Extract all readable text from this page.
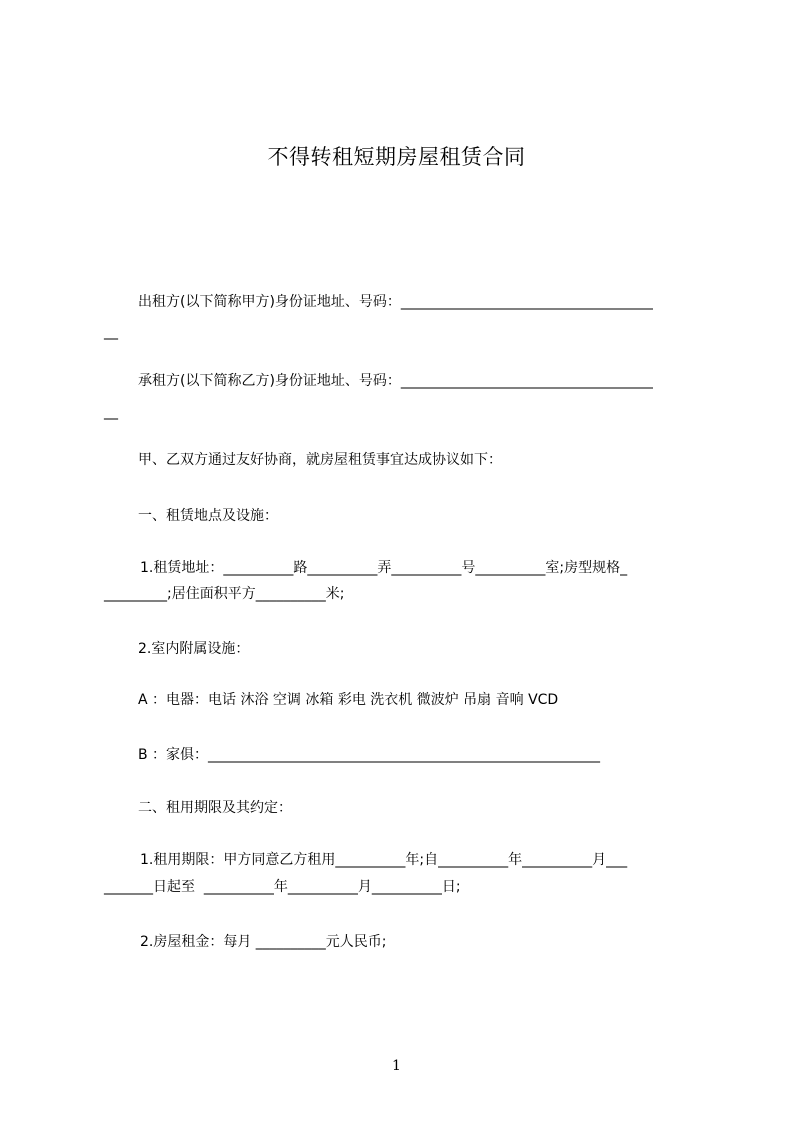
不得转租短期房屋租赁合同
出租方(以下简称甲方)身份证地址、号码：____________________________________
__
承租方(以下简称乙方)身份证地址、号码：____________________________________
__
甲、乙双方通过友好协商，就房屋租赁事宜达成协议如下：
一、租赁地点及设施：
1.租赁地址：__________路__________弄__________号__________室;房型规格_
_________;居住面积平方__________米;
2.室内附属设施：
A ：电器：电话 沐浴 空调 冰箱 彩电 洗衣机 微波炉 吊扇 音响 VCD
B ：家俱：________________________________________________________
二、租用期限及其约定：
1.租用期限：甲方同意乙方租用__________年;自__________年__________月___
_______日起至  __________年__________月__________日;
2.房屋租金：每月 __________元人民币;
1
